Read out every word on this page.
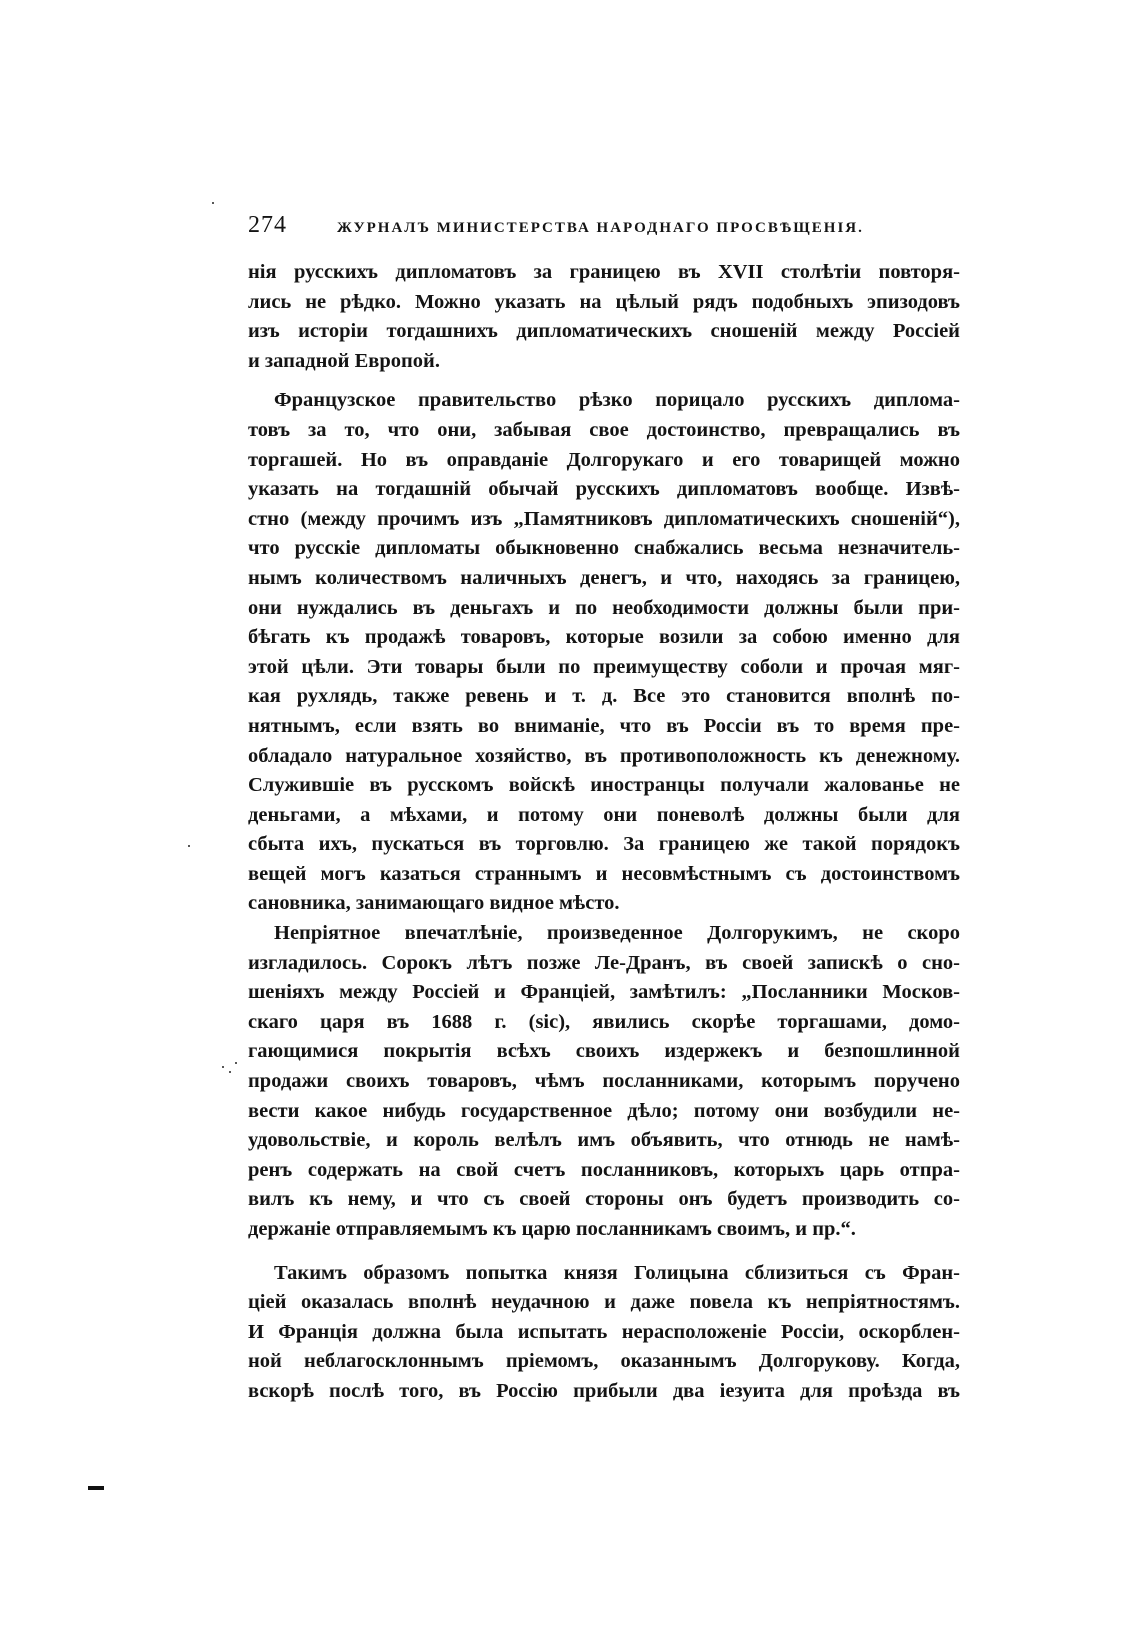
274	ЖУРНАЛЪ МИНИСТЕРСТВА НАРОДНАГО ПРОСВѢЩЕНІЯ.
нія русскихъ дипломатовъ за границею въ XVII столѣтіи повторя-
лись не рѣдко. Можно указать на цѣлый рядъ подобныхъ эпизодовъ
изъ исторіи тогдашнихъ дипломатическихъ сношеній между Россіей
и западной Европой.
Французское правительство рѣзко порицало русскихъ диплома-
товъ за то, что они, забывая свое достоинство, превращались въ
торгашей. Но въ оправданіе Долгорукаго и его товарищей можно
указать на тогдашній обычай русскихъ дипломатовъ вообще. Извѣ-
стно (между прочимъ изъ „Памятниковъ дипломатическихъ сношеній“),
что русскіе дипломаты обыкновенно снабжались весьма незначитель-
нымъ количествомъ наличныхъ денегъ, и что, находясь за границею,
они нуждались въ деньгахъ и по необходимости должны были при-
бѣгать къ продажѣ товаровъ, которые возили за собою именно для
этой цѣли. Эти товары были по преимуществу соболи и прочая мяг-
кая рухлядь, также ревень и т. д. Все это становится вполнѣ по-
нятнымъ, если взять во вниманіе, что въ Россіи въ то время пре-
обладало натуральное хозяйство, въ противоположность къ денежному.
Служившіе въ русскомъ войскѣ иностранцы получали жалованье не
деньгами, а мѣхами, и потому они поневолѣ должны были для
сбыта ихъ, пускаться въ торговлю. За границею же такой порядокъ
вещей могъ казаться страннымъ и несовмѣстнымъ съ достоинствомъ
сановника, занимающаго видное мѣсто.
Непріятное впечатлѣніе, произведенное Долгорукимъ, не скоро
изгладилось. Сорокъ лѣтъ позже Ле-Дранъ, въ своей запискѣ о сно-
шеніяхъ между Россіей и Франціей, замѣтилъ: „Посланники Москов-
скаго царя въ 1688 г. (sic), явились скорѣе торгашами, домо-
гающимися покрытія всѣхъ своихъ издержекъ и безпошлинной
продажи своихъ товаровъ, чѣмъ посланниками, которымъ поручено
вести какое нибудь государственное дѣло; потому они возбудили не-
удовольствіе, и король велѣлъ имъ объявить, что отнюдь не намѣ-
ренъ содержать на свой счетъ посланниковъ, которыхъ царь отпра-
вилъ къ нему, и что съ своей стороны онъ будетъ производить со-
держаніе отправляемымъ къ царю посланникамъ своимъ, и пр.“.
Такимъ образомъ попытка князя Голицына сблизиться съ Фран-
ціей оказалась вполнѣ неудачною и даже повела къ непріятностямъ.
И Франція должна была испытать нерасположеніе Россіи, оскорблен-
ной неблагосклоннымъ пріемомъ, оказаннымъ Долгорукову. Когда,
вскорѣ послѣ того, въ Россію прибыли два іезуита для проѣзда въ
